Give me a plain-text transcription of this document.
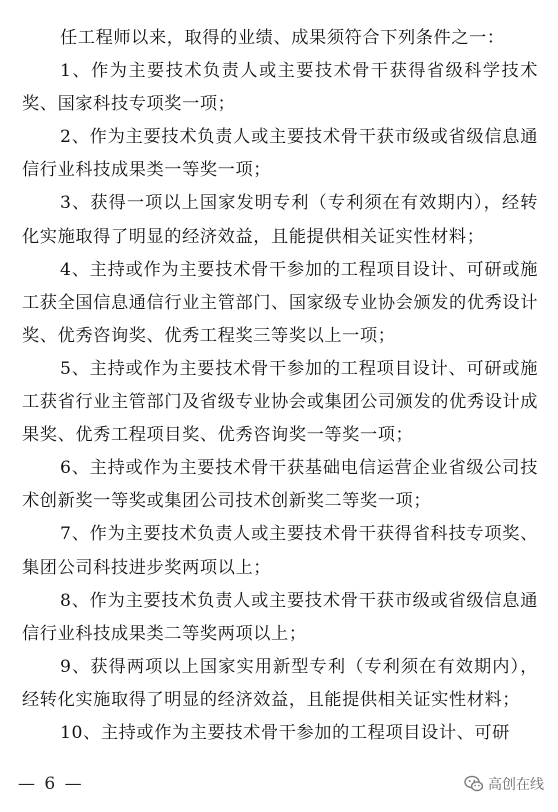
任工程师以来，取得的业绩、成果须符合下列条件之一：

1、作为主要技术负责人或主要技术骨干获得省级科学技术奖、国家科技专项奖一项；

2、作为主要技术负责人或主要技术骨干获市级或省级信息通信行业科技成果类一等奖一项；

3、获得一项以上国家发明专利（专利须在有效期内），经转化实施取得了明显的经济效益，且能提供相关证实性材料；

4、主持或作为主要技术骨干参加的工程项目设计、可研或施工获全国信息通信行业主管部门、国家级专业协会颁发的优秀设计奖、优秀咨询奖、优秀工程奖三等奖以上一项；

5、主持或作为主要技术骨干参加的工程项目设计、可研或施工获省行业主管部门及省级专业协会或集团公司颁发的优秀设计成果奖、优秀工程项目奖、优秀咨询奖一等奖一项；

6、主持或作为主要技术骨干获基础电信运营企业省级公司技术创新奖一等奖或集团公司技术创新奖二等奖一项；

7、作为主要技术负责人或主要技术骨干获得省科技专项奖、集团公司科技进步奖两项以上；

8、作为主要技术负责人或主要技术骨干获市级或省级信息通信行业科技成果类二等奖两项以上；

9、获得两项以上国家实用新型专利（专利须在有效期内），经转化实施取得了明显的经济效益，且能提供相关证实性材料；

10、主持或作为主要技术骨干参加的工程项目设计、可研

— 6 —	高创在线
